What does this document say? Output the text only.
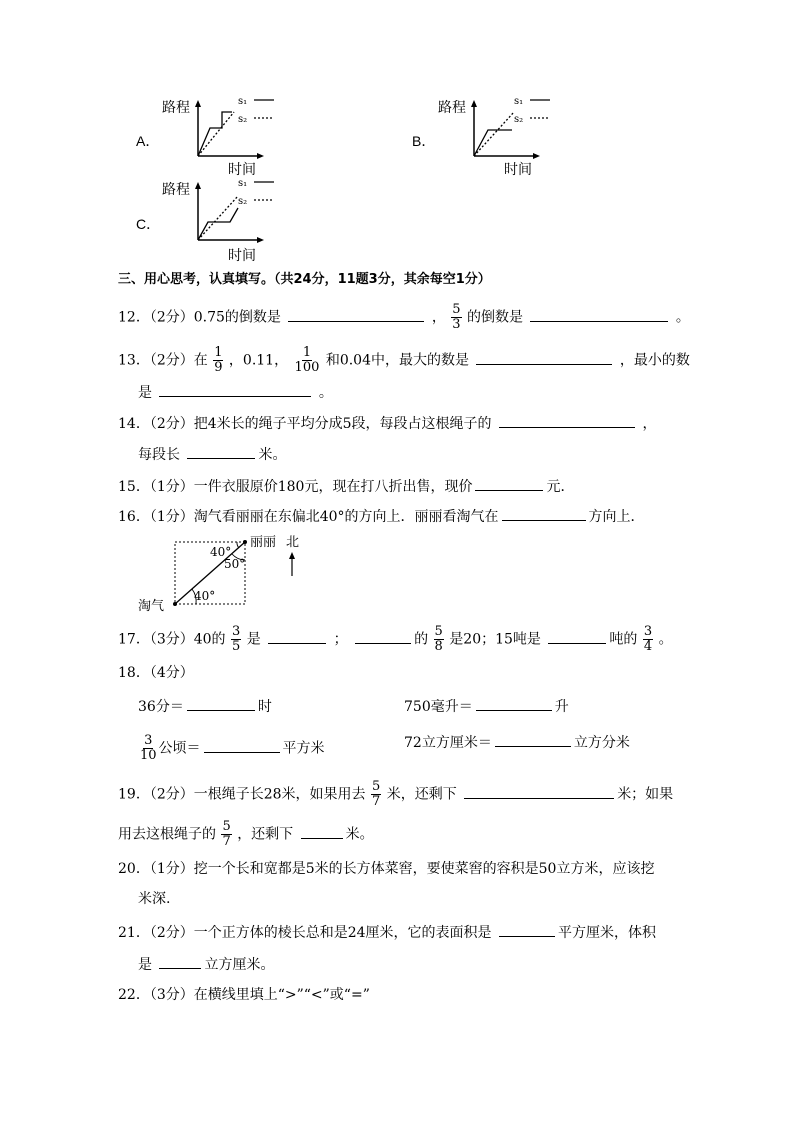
A．
路程	s₁
s₂
时间
B．
路程	s₁
s₂
时间
C．
路程	s₁
s₂
时间
三、用心思考，认真填写。（共24分，11题3分，其余每空1分）
12．（2分）0.75的倒数是	， $\frac{5}{3}$ 的倒数是	。
13．（2分）在 $\frac{1}{9}$ ，0.11， $\frac{1}{100}$ 和0.04中，最大的数是	，最小的数
是	。
14．（2分）把4米长的绳子平均分成5段，每段占这根绳子的	，
每段长	米。
15．（1分）一件衣服原价180元，现在打八折出售，现价	元．
16．（1分）淘气看丽丽在东偏北40°的方向上．丽丽看淘气在	方向上．
40°
50°
40°
丽丽 北
淘气
17．（3分）40的 $\frac{3}{5}$ 是	；	的 $\frac{5}{8}$ 是20；15吨是	吨的 $\frac{3}{4}$ 。
18．（4分）
36分＝	时	750毫升＝	升
$\frac{3}{10}$ 公顷＝	平方米	72立方厘米＝	立方分米
19．（2分）一根绳子长28米，如果用去 $\frac{5}{7}$ 米，还剩下	米；如果
用去这根绳子的 $\frac{5}{7}$ ，还剩下	米。
20．（1分）挖一个长和宽都是5米的长方体菜窖，要使菜窖的容积是50立方米，应该挖
米深.
21．（2分）一个正方体的棱长总和是24厘米，它的表面积是	平方厘米，体积
是	立方厘米。
22．（3分）在横线里填上“>”“<”或“=”
